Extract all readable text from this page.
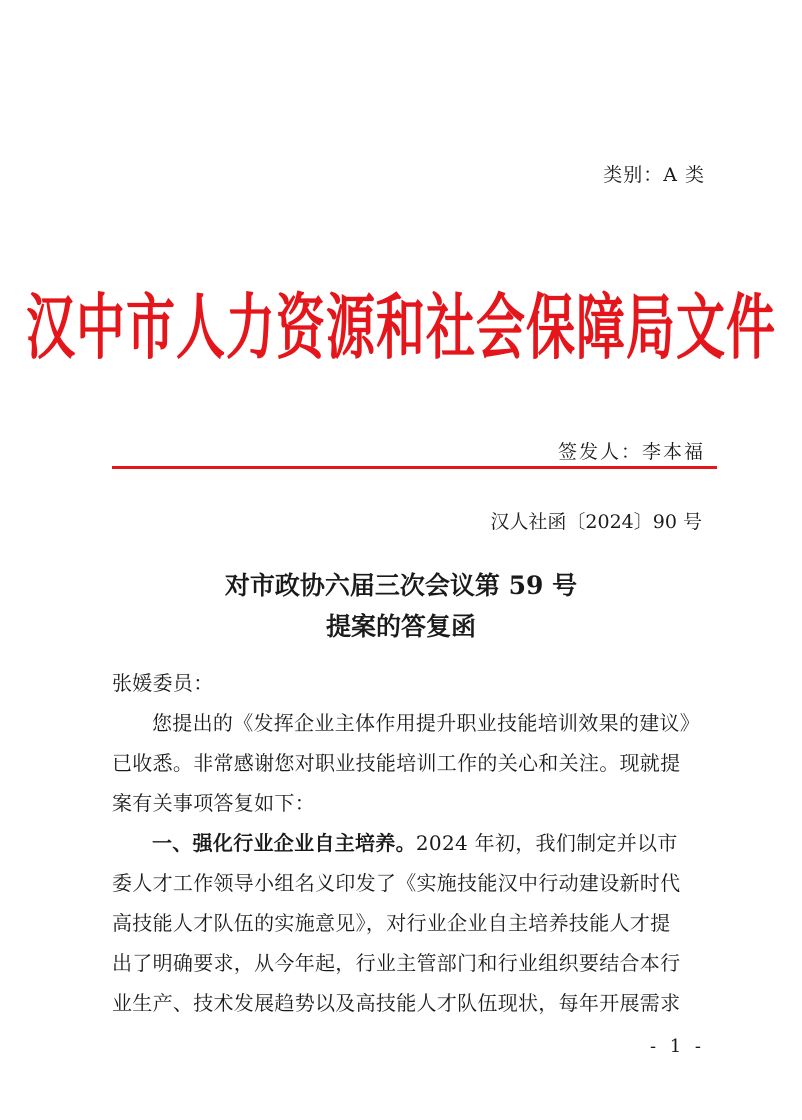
类别：A 类
汉中市人力资源和社会保障局文件
签发人：李本福
汉人社函〔2024〕90 号
对市政协六届三次会议第 59 号
提案的答复函
张媛委员：
您提出的《发挥企业主体作用提升职业技能培训效果的建议》
已收悉。非常感谢您对职业技能培训工作的关心和关注。现就提
案有关事项答复如下：
一、强化行业企业自主培养。2024 年初，我们制定并以市
委人才工作领导小组名义印发了《实施技能汉中行动建设新时代
高技能人才队伍的实施意见》，对行业企业自主培养技能人才提
出了明确要求，从今年起，行业主管部门和行业组织要结合本行
业生产、技术发展趋势以及高技能人才队伍现状，每年开展需求
- 1 -
